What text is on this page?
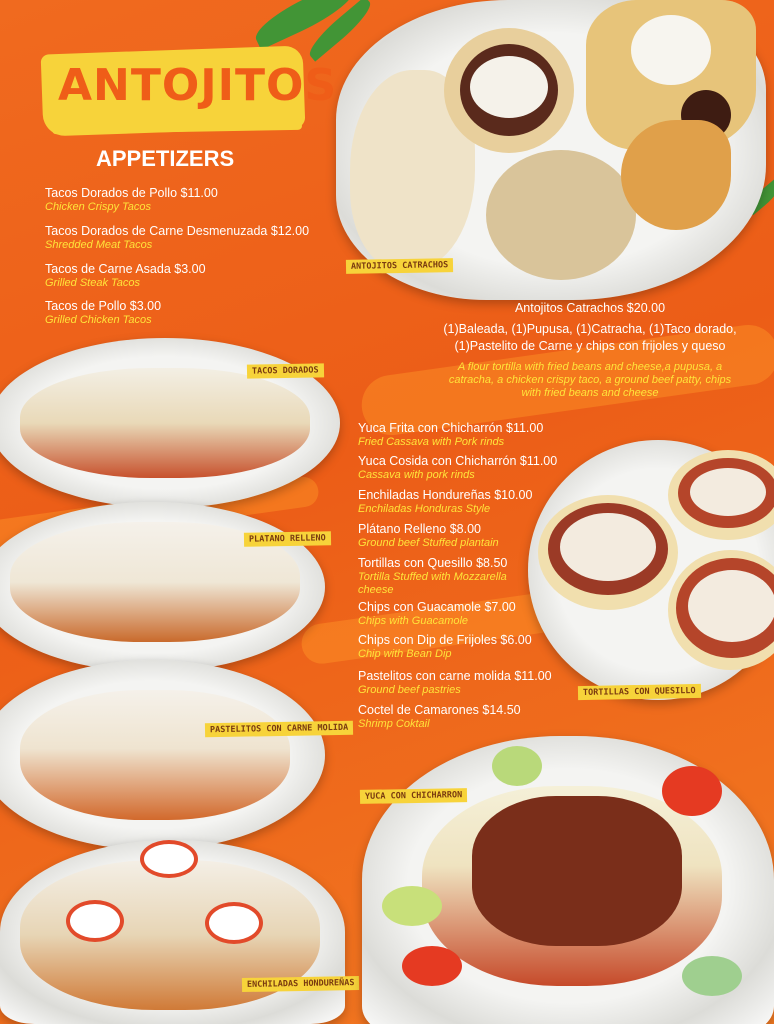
ANTOJITOS
APPETIZERS
Tacos Dorados de Pollo $11.00
Chicken Crispy Tacos
Tacos Dorados de Carne Desmenuzada $12.00
Shredded Meat Tacos
Tacos de Carne Asada $3.00
Grilled Steak Tacos
Tacos de Pollo $3.00
Grilled Chicken Tacos
ANTOJITOS CATRACHOS
Antojitos Catrachos $20.00
(1)Baleada, (1)Pupusa, (1)Catracha, (1)Taco dorado,
(1)Pastelito de Carne y chips con frijoles y queso
A flour tortilla with fried beans and cheese,a pupusa, a catracha, a chicken crispy taco, a ground beef patty, chips with fried beans and cheese
TACOS DORADOS
PLATANO RELLENO
PASTELITOS CON CARNE MOLIDA
ENCHILADAS HONDUREÑAS
Yuca Frita con Chicharrón $11.00
Fried Cassava with Pork rinds
Yuca Cosida con Chicharrón $11.00
Cassava with pork rinds
Enchiladas Hondureñas $10.00
Enchiladas Honduras Style
Plátano Relleno $8.00
Ground beef Stuffed plantain
Tortillas con Quesillo $8.50
Tortilla Stuffed with Mozzarella cheese
Chips con Guacamole $7.00
Chips with Guacamole
Chips con Dip de Frijoles $6.00
Chip with Bean Dip
Pastelitos con carne molida $11.00
Ground beef pastries
Coctel de Camarones $14.50
Shrimp Coktail
TORTILLAS CON QUESILLO
YUCA CON CHICHARRON
